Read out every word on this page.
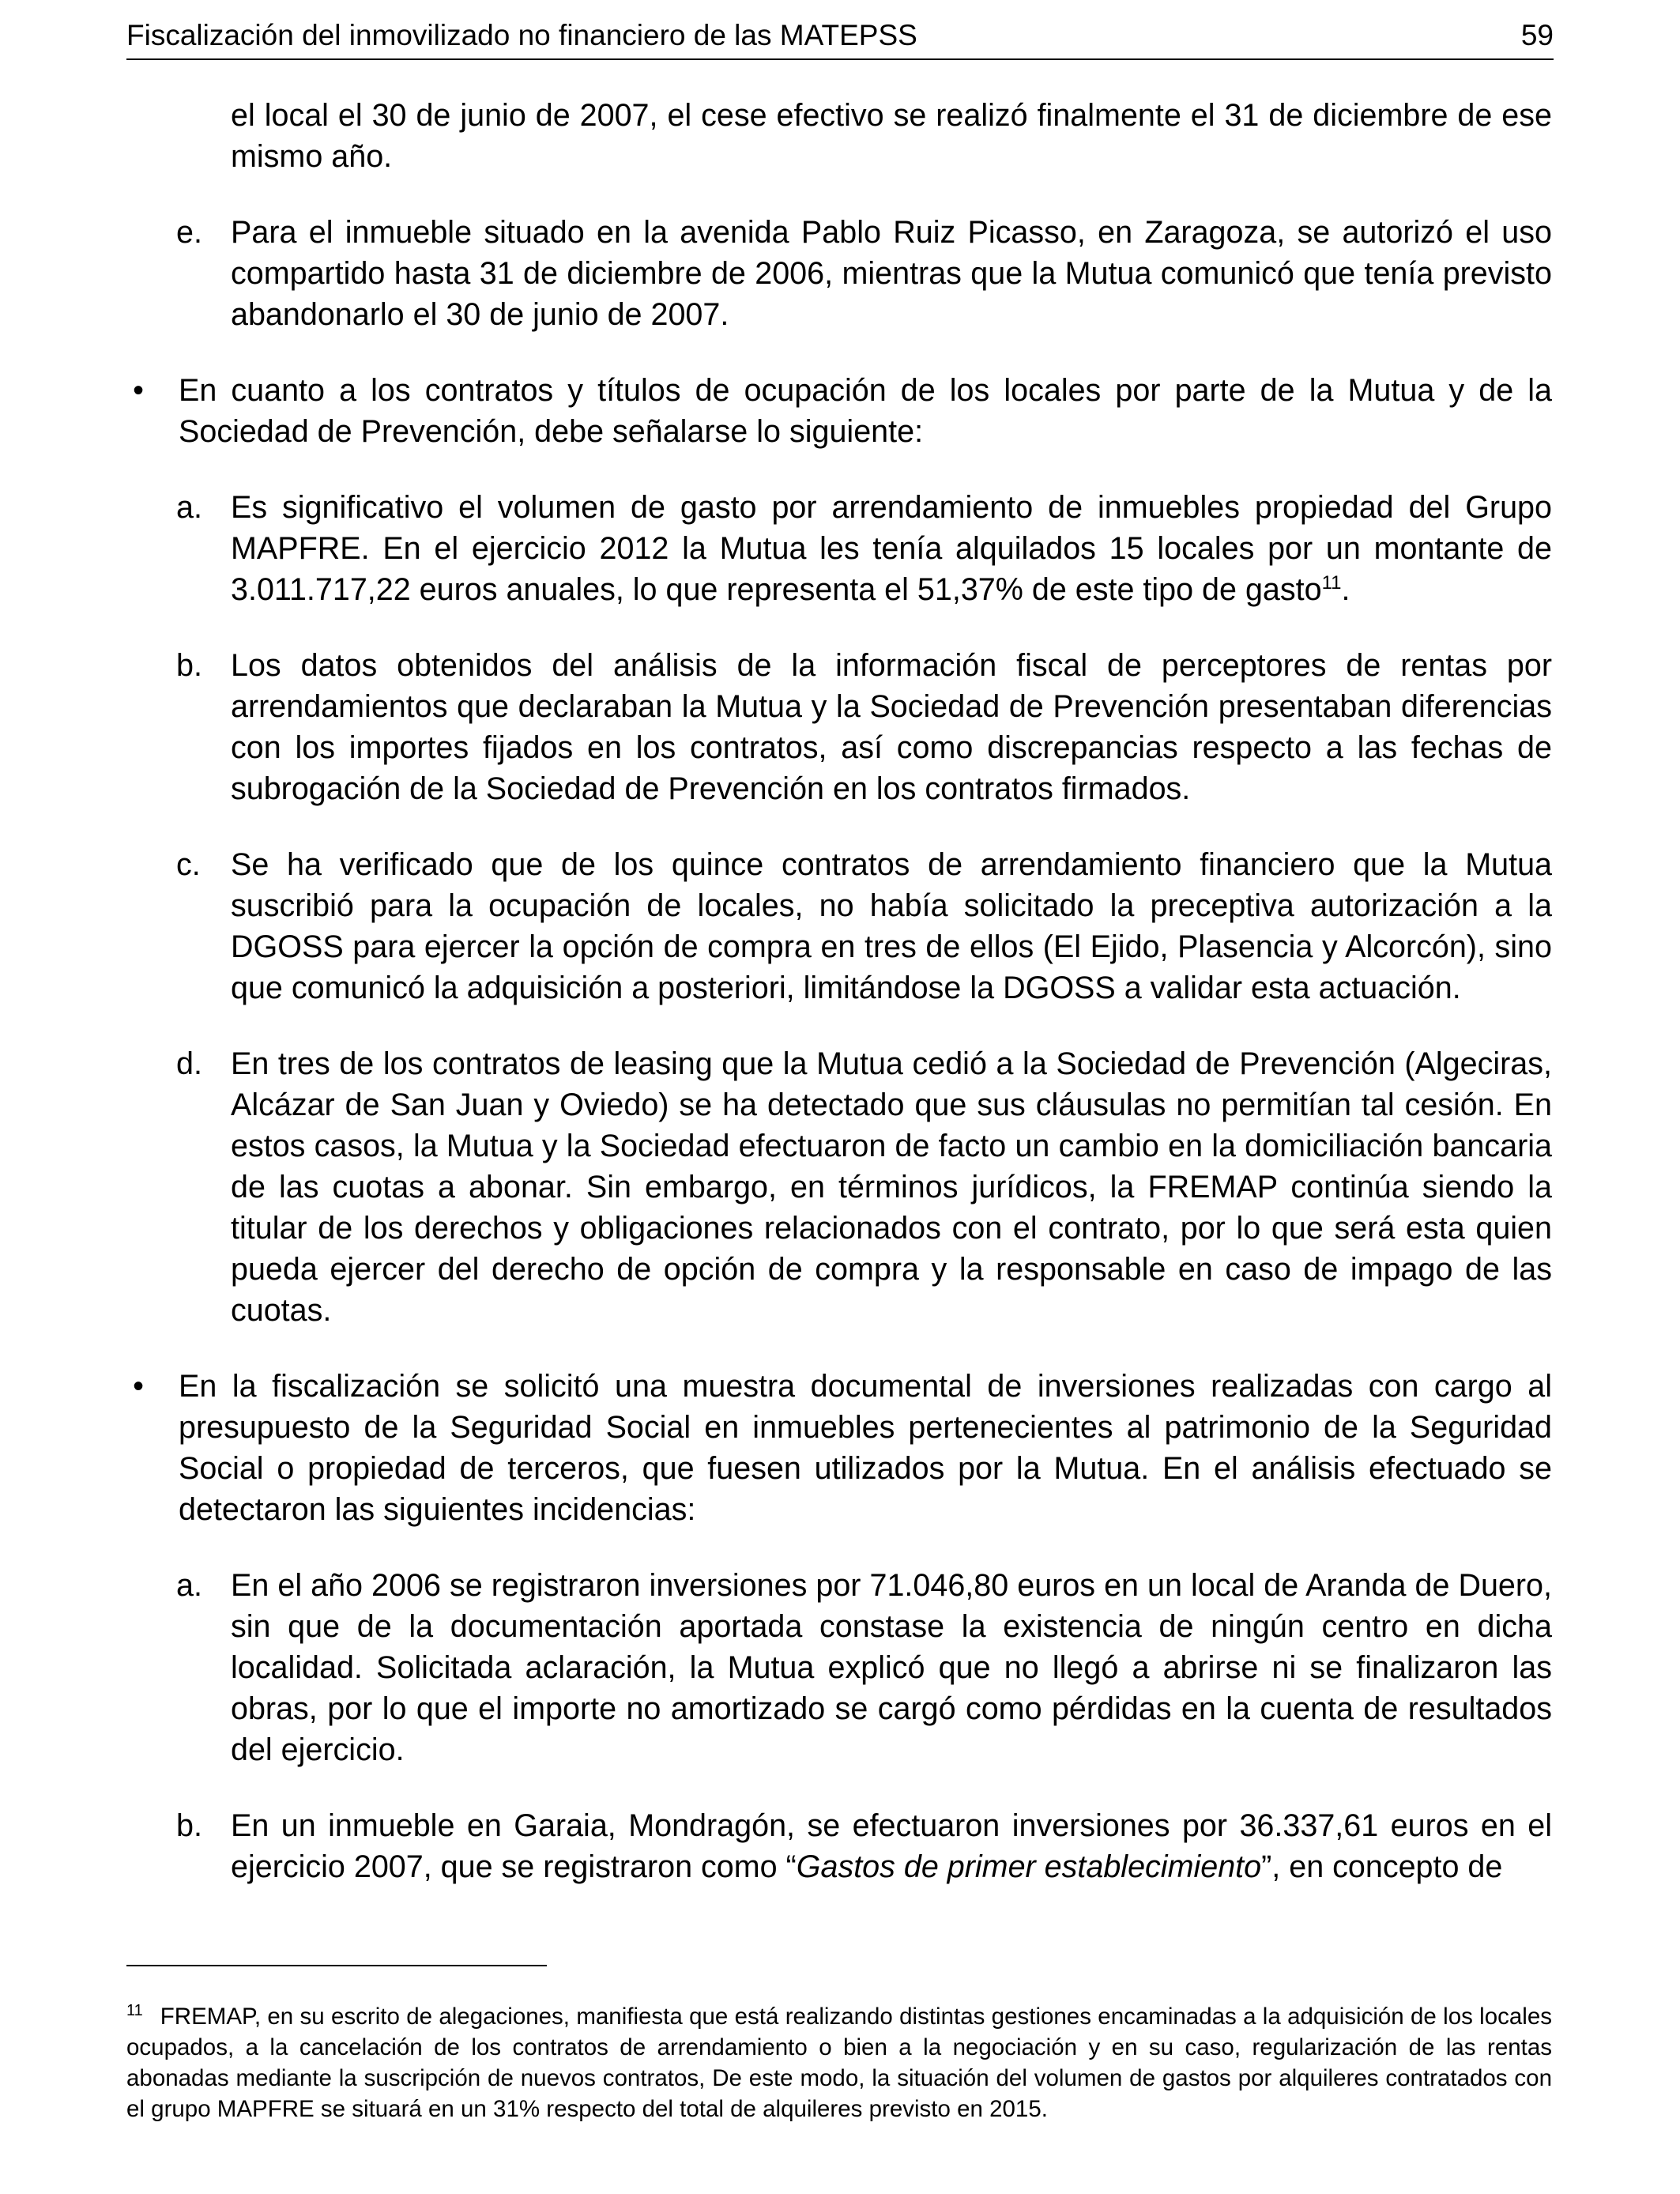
Fiscalización del inmovilizado no financiero de las MATEPSS	59
el local el 30 de junio de 2007, el cese efectivo se realizó finalmente el 31 de diciembre de ese mismo año.
e. Para el inmueble situado en la avenida Pablo Ruiz Picasso, en Zaragoza, se autorizó el uso compartido hasta 31 de diciembre de 2006, mientras que la Mutua comunicó que tenía previsto abandonarlo el 30 de junio de 2007.
• En cuanto a los contratos y títulos de ocupación de los locales por parte de la Mutua y de la Sociedad de Prevención, debe señalarse lo siguiente:
a. Es significativo el volumen de gasto por arrendamiento de inmuebles propiedad del Grupo MAPFRE. En el ejercicio 2012 la Mutua les tenía alquilados 15 locales por un montante de 3.011.717,22 euros anuales, lo que representa el 51,37% de este tipo de gasto$^{11}$.
b. Los datos obtenidos del análisis de la información fiscal de perceptores de rentas por arrendamientos que declaraban la Mutua y la Sociedad de Prevención presentaban diferencias con los importes fijados en los contratos, así como discrepancias respecto a las fechas de subrogación de la Sociedad de Prevención en los contratos firmados.
c. Se ha verificado que de los quince contratos de arrendamiento financiero que la Mutua suscribió para la ocupación de locales, no había solicitado la preceptiva autorización a la DGOSS para ejercer la opción de compra en tres de ellos (El Ejido, Plasencia y Alcorcón), sino que comunicó la adquisición a posteriori, limitándose la DGOSS a validar esta actuación.
d. En tres de los contratos de leasing que la Mutua cedió a la Sociedad de Prevención (Algeciras, Alcázar de San Juan y Oviedo) se ha detectado que sus cláusulas no permitían tal cesión. En estos casos, la Mutua y la Sociedad efectuaron de facto un cambio en la domiciliación bancaria de las cuotas a abonar. Sin embargo, en términos jurídicos, la FREMAP continúa siendo la titular de los derechos y obligaciones relacionados con el contrato, por lo que será esta quien pueda ejercer del derecho de opción de compra y la responsable en caso de impago de las cuotas.
• En la fiscalización se solicitó una muestra documental de inversiones realizadas con cargo al presupuesto de la Seguridad Social en inmuebles pertenecientes al patrimonio de la Seguridad Social o propiedad de terceros, que fuesen utilizados por la Mutua. En el análisis efectuado se detectaron las siguientes incidencias:
a. En el año 2006 se registraron inversiones por 71.046,80 euros en un local de Aranda de Duero, sin que de la documentación aportada constase la existencia de ningún centro en dicha localidad. Solicitada aclaración, la Mutua explicó que no llegó a abrirse ni se finalizaron las obras, por lo que el importe no amortizado se cargó como pérdidas en la cuenta de resultados del ejercicio.
b. En un inmueble en Garaia, Mondragón, se efectuaron inversiones por 36.337,61 euros en el ejercicio 2007, que se registraron como “Gastos de primer establecimiento”, en concepto de
$^{11}$ FREMAP, en su escrito de alegaciones, manifiesta que está realizando distintas gestiones encaminadas a la adquisición de los locales ocupados, a la cancelación de los contratos de arrendamiento o bien a la negociación y en su caso, regularización de las rentas abonadas mediante la suscripción de nuevos contratos, De este modo, la situación del volumen de gastos por alquileres contratados con el grupo MAPFRE se situará en un 31% respecto del total de alquileres previsto en 2015.
